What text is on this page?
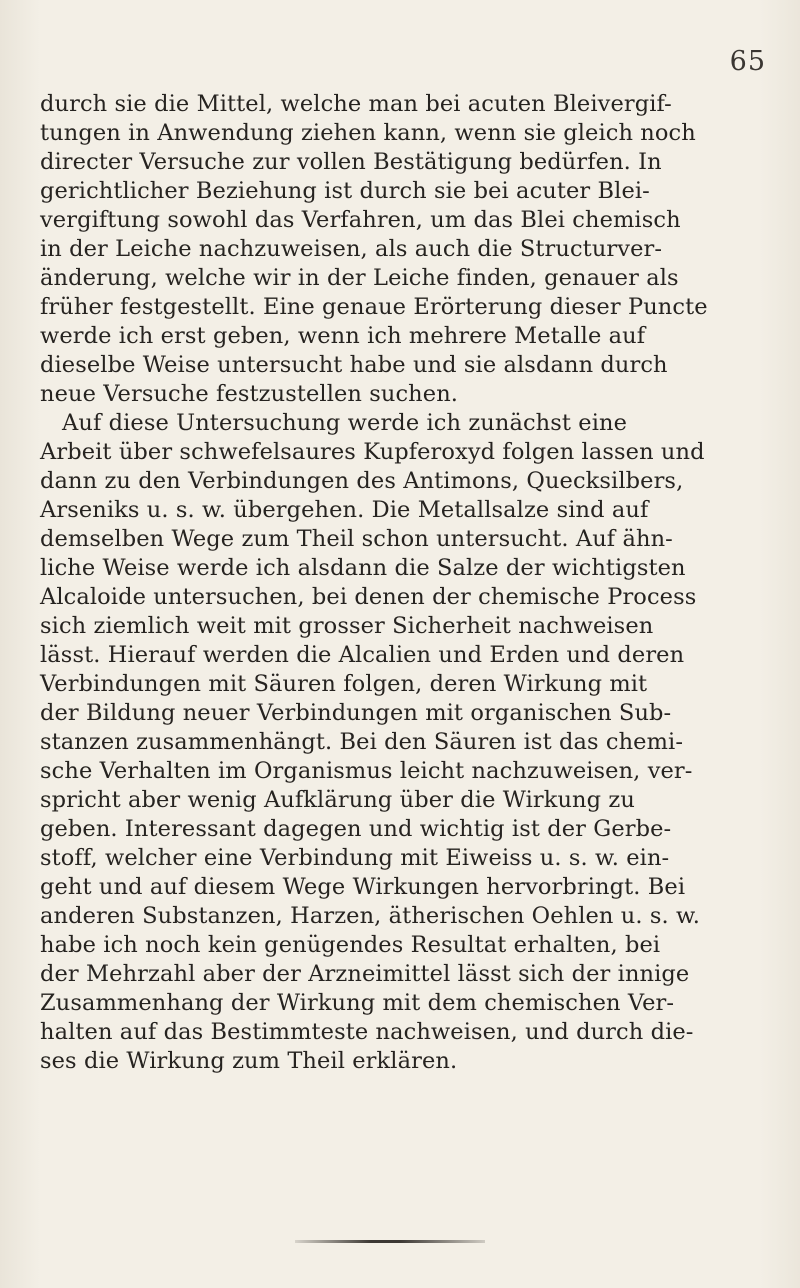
65
durch sie die Mittel, welche man bei acuten Bleivergif-
tungen in Anwendung ziehen kann, wenn sie gleich noch
directer Versuche zur vollen Bestätigung bedürfen. In
gerichtlicher Beziehung ist durch sie bei acuter Blei-
vergiftung sowohl das Verfahren, um das Blei chemisch
in der Leiche nachzuweisen, als auch die Structurver-
änderung, welche wir in der Leiche finden, genauer als
früher festgestellt. Eine genaue Erörterung dieser Puncte
werde ich erst geben, wenn ich mehrere Metalle auf
dieselbe Weise untersucht habe und sie alsdann durch
neue Versuche festzustellen suchen.
Auf diese Untersuchung werde ich zunächst eine
Arbeit über schwefelsaures Kupferoxyd folgen lassen und
dann zu den Verbindungen des Antimons, Quecksilbers,
Arseniks u. s. w. übergehen. Die Metallsalze sind auf
demselben Wege zum Theil schon untersucht. Auf ähn-
liche Weise werde ich alsdann die Salze der wichtigsten
Alcaloide untersuchen, bei denen der chemische Process
sich ziemlich weit mit grosser Sicherheit nachweisen
lässt. Hierauf werden die Alcalien und Erden und deren
Verbindungen mit Säuren folgen, deren Wirkung mit
der Bildung neuer Verbindungen mit organischen Sub-
stanzen zusammenhängt. Bei den Säuren ist das chemi-
sche Verhalten im Organismus leicht nachzuweisen, ver-
spricht aber wenig Aufklärung über die Wirkung zu
geben. Interessant dagegen und wichtig ist der Gerbe-
stoff, welcher eine Verbindung mit Eiweiss u. s. w. ein-
geht und auf diesem Wege Wirkungen hervorbringt. Bei
anderen Substanzen, Harzen, ätherischen Oehlen u. s. w.
habe ich noch kein genügendes Resultat erhalten, bei
der Mehrzahl aber der Arzneimittel lässt sich der innige
Zusammenhang der Wirkung mit dem chemischen Ver-
halten auf das Bestimmteste nachweisen, und durch die-
ses die Wirkung zum Theil erklären.
